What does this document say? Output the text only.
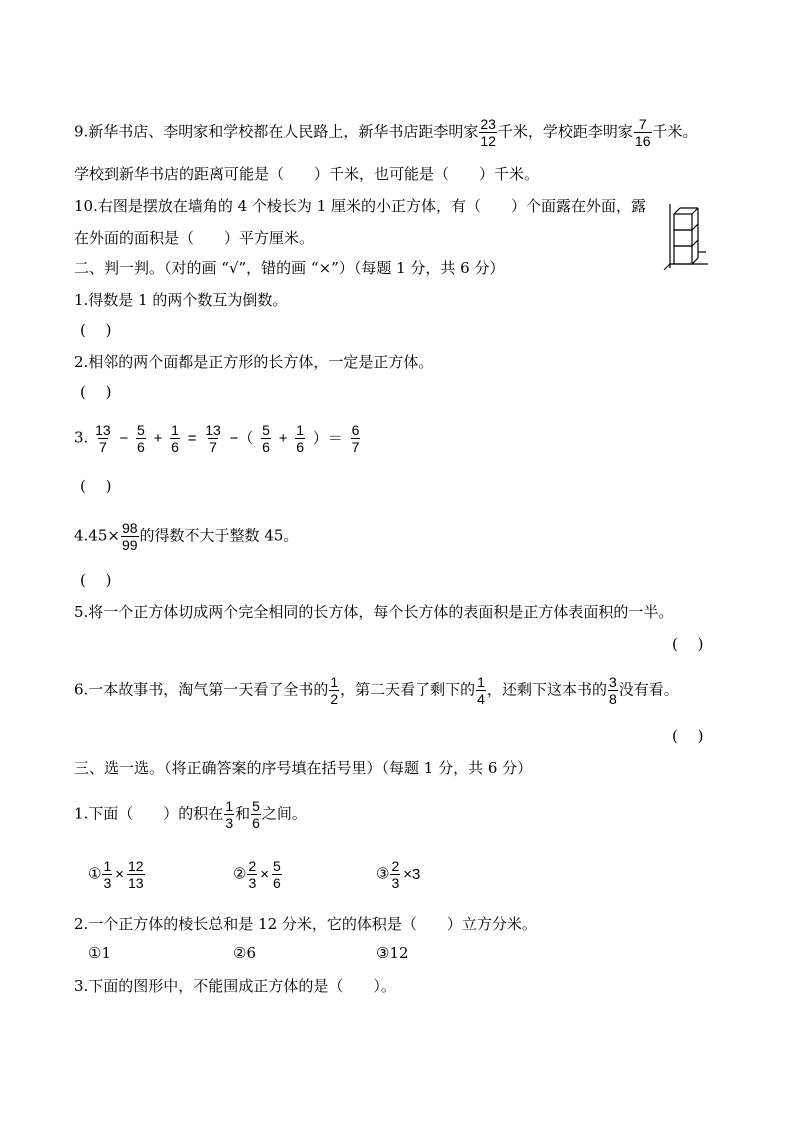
9.新华书店、李明家和学校都在人民路上，新华书店距李明家 $\frac{23}{12}$ 千米，学校距李明家 $\frac{7}{16}$ 千米。
学校到新华书店的距离可能是（　　）千米，也可能是（　　）千米。
10.右图是摆放在墙角的 4 个棱长为 1 厘米的小正方体，有（　　）个面露在外面，露
在外面的面积是（　　）平方厘米。
二、判一判。（对的画 “√”，错的画 “×”）（每题 1 分，共 6 分）
1.得数是 1 的两个数互为倒数。
(　 )
2.相邻的两个面都是正方形的长方体，一定是正方体。
(　 )
3. $\frac{13}{7} - \frac{5}{6} + \frac{1}{6} = \frac{13}{7}$ −（ $\frac{5}{6} + \frac{1}{6}$ ）＝ $\frac{6}{7}$
(　 )
$4.45\times \frac{98}{99}$ 的得数不大于整数 45。
(　 )
5.将一个正方体切成两个完全相同的长方体，每个长方体的表面积是正方体表面积的一半。
(　 )
6.一本故事书，淘气第一天看了全书的 $\frac{1}{2}$ ，第二天看了剩下的 $\frac{1}{4}$ ，还剩下这本书的 $\frac{3}{8}$ 没有看。
(　 )
三、选一选。（将正确答案的序号填在括号里）（每题 1 分，共 6 分）
1.下面（　　）的积在 $\frac{1}{3}$ 和 $\frac{5}{6}$ 之间。
① $\frac{1}{3} \times \frac{12}{13}$	② $\frac{2}{3} \times \frac{5}{6}$	③ $\frac{2}{3} \times 3$
2.一个正方体的棱长总和是 12 分米，它的体积是（　　）立方分米。
①1	②6	③12
3.下面的图形中，不能围成正方体的是（　　）。
